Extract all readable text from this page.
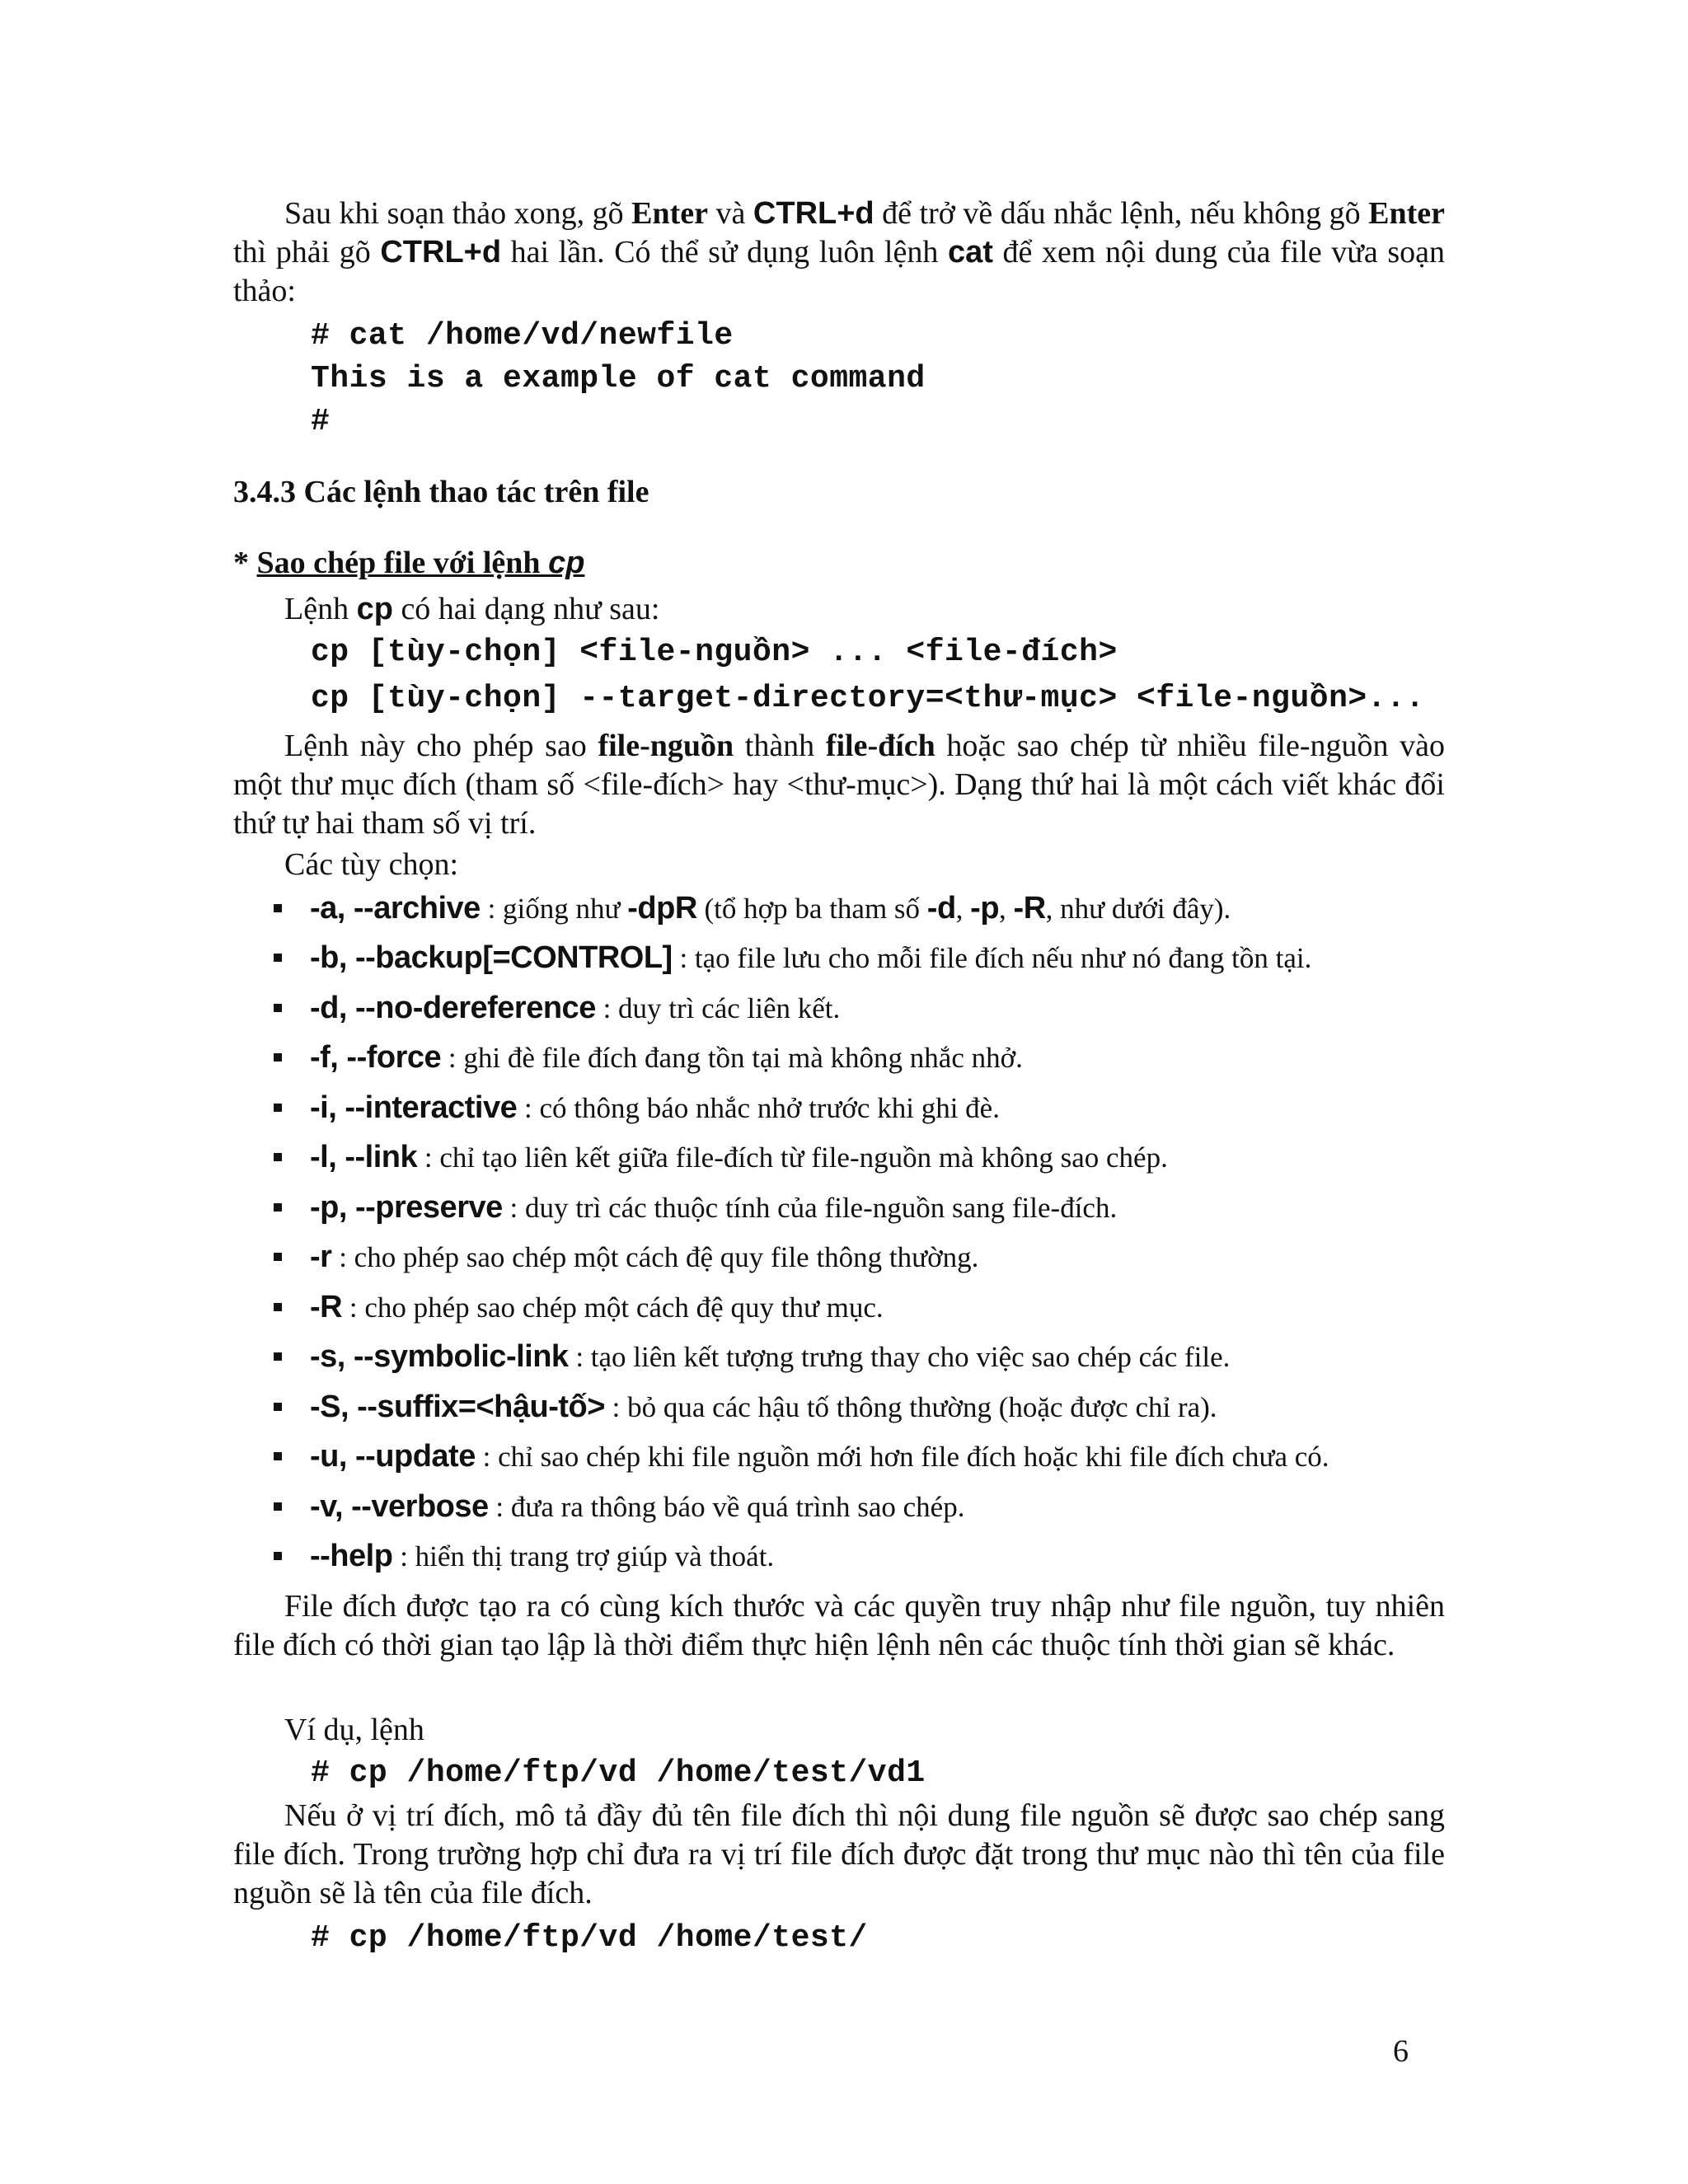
Sau khi soạn thảo xong, gõ Enter và CTRL+d để trở về dấu nhắc lệnh, nếu không gõ Enter thì phải gõ CTRL+d hai lần. Có thể sử dụng luôn lệnh cat để xem nội dung của file vừa soạn thảo:

# cat /home/vd/newfile
This is a example of cat command
#
3.4.3 Các lệnh thao tác trên file
* Sao chép file với lệnh cp
Lệnh cp có hai dạng như sau:
cp [tùy-chọn] <file-nguồn> ... <file-đích>
cp [tùy-chọn] --target-directory=<thư-mục> <file-nguồn>...

Lệnh này cho phép sao file-nguồn thành file-đích hoặc sao chép từ nhiều file-nguồn vào một thư mục đích (tham số <file-đích> hay <thư-mục>). Dạng thứ hai là một cách viết khác đổi thứ tự hai tham số vị trí.

Các tùy chọn:
-a, --archive : giống như -dpR (tổ hợp ba tham số -d, -p, -R, như dưới đây).
-b, --backup[=CONTROL] : tạo file lưu cho mỗi file đích nếu như nó đang tồn tại.
-d, --no-dereference : duy trì các liên kết.
-f, --force : ghi đè file đích đang tồn tại mà không nhắc nhở.
-i, --interactive : có thông báo nhắc nhở trước khi ghi đè.
-l, --link : chỉ tạo liên kết giữa file-đích từ file-nguồn mà không sao chép.
-p, --preserve : duy trì các thuộc tính của file-nguồn sang file-đích.
-r : cho phép sao chép một cách đệ quy file thông thường.
-R : cho phép sao chép một cách đệ quy thư mục.
-s, --symbolic-link : tạo liên kết tượng trưng thay cho việc sao chép các file.
-S, --suffix=<hậu-tố> : bỏ qua các hậu tố thông thường (hoặc được chỉ ra).
-u, --update : chỉ sao chép khi file nguồn mới hơn file đích hoặc khi file đích chưa có.
-v, --verbose : đưa ra thông báo về quá trình sao chép.
--help : hiển thị trang trợ giúp và thoát.

File đích được tạo ra có cùng kích thước và các quyền truy nhập như file nguồn, tuy nhiên file đích có thời gian tạo lập là thời điểm thực hiện lệnh nên các thuộc tính thời gian sẽ khác.

Ví dụ, lệnh
# cp /home/ftp/vd /home/test/vd1

Nếu ở vị trí đích, mô tả đầy đủ tên file đích thì nội dung file nguồn sẽ được sao chép sang file đích. Trong trường hợp chỉ đưa ra vị trí file đích được đặt trong thư mục nào thì tên của file nguồn sẽ là tên của file đích.

# cp /home/ftp/vd /home/test/
6
